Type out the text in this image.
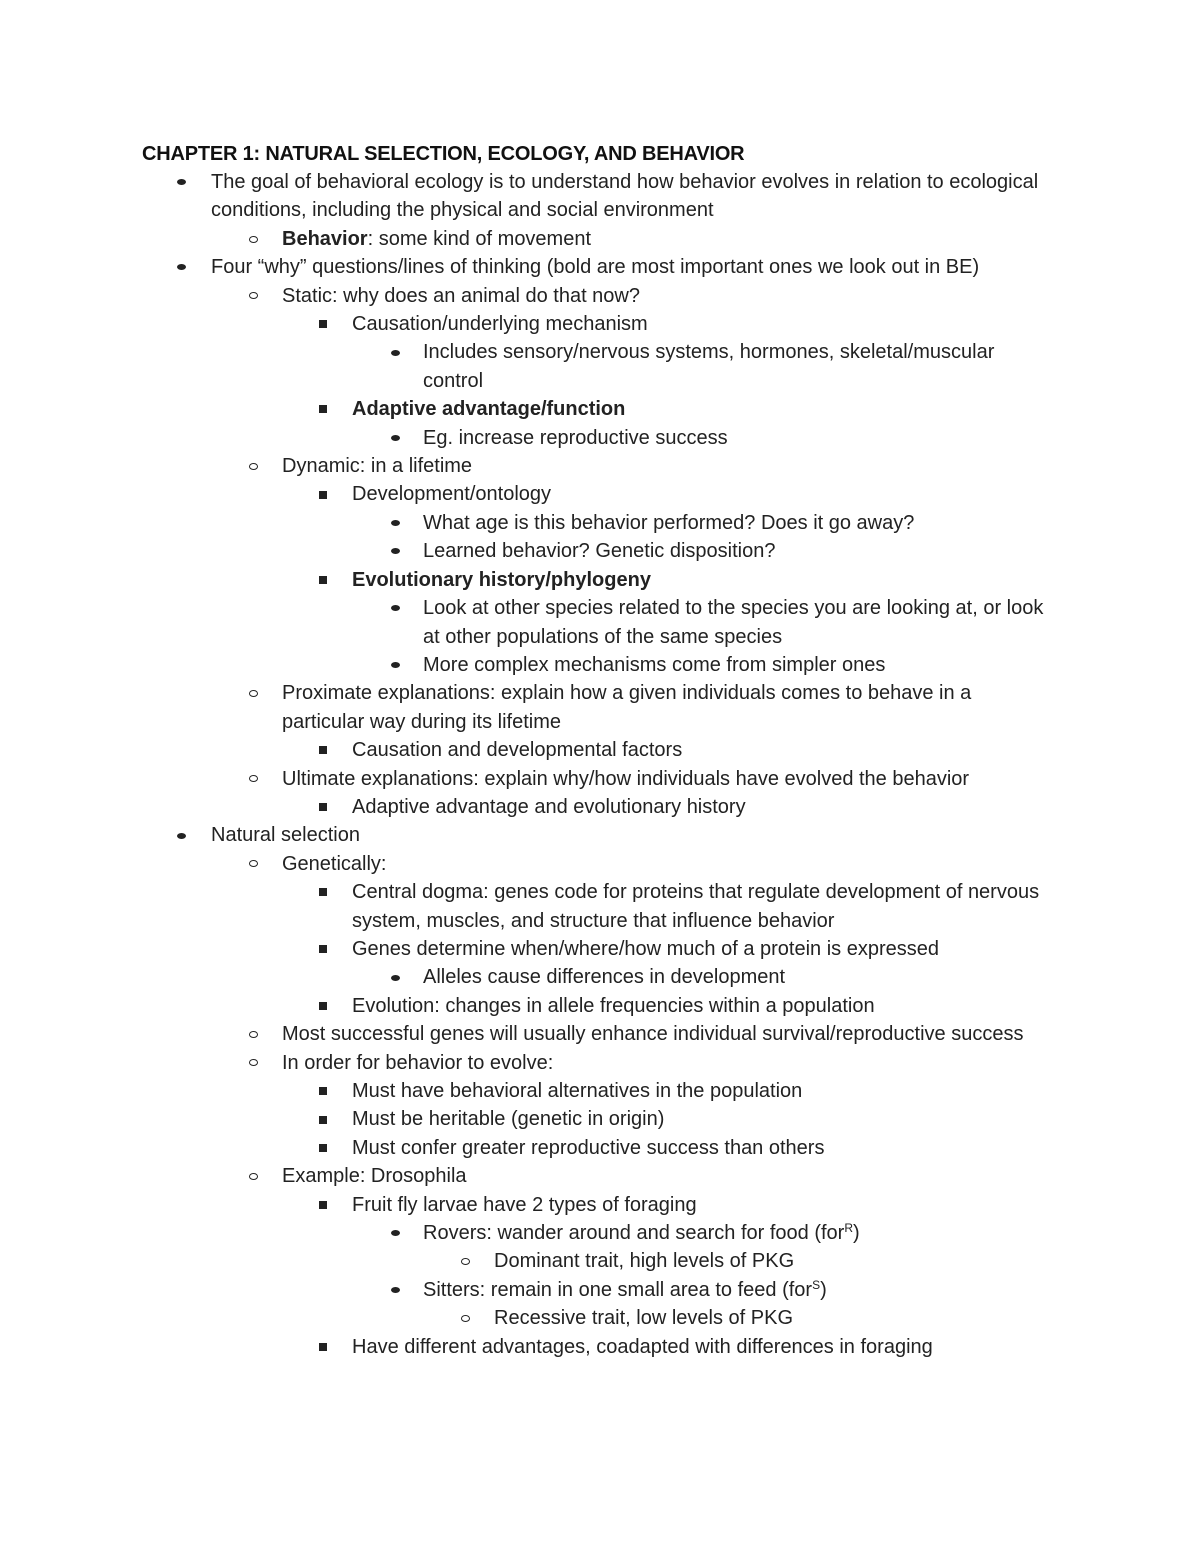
CHAPTER 1: NATURAL SELECTION, ECOLOGY, AND BEHAVIOR
The goal of behavioral ecology is to understand how behavior evolves in relation to ecological conditions, including the physical and social environment
Behavior: some kind of movement
Four “why” questions/lines of thinking (bold are most important ones we look out in BE)
Static: why does an animal do that now?
Causation/underlying mechanism
Includes sensory/nervous systems, hormones, skeletal/muscular control
Adaptive advantage/function
Eg. increase reproductive success
Dynamic: in a lifetime
Development/ontology
What age is this behavior performed? Does it go away?
Learned behavior? Genetic disposition?
Evolutionary history/phylogeny
Look at other species related to the species you are looking at, or look at other populations of the same species
More complex mechanisms come from simpler ones
Proximate explanations: explain how a given individuals comes to behave in a particular way during its lifetime
Causation and developmental factors
Ultimate explanations: explain why/how individuals have evolved the behavior
Adaptive advantage and evolutionary history
Natural selection
Genetically:
Central dogma: genes code for proteins that regulate development of nervous system, muscles, and structure that influence behavior
Genes determine when/where/how much of a protein is expressed
Alleles cause differences in development
Evolution: changes in allele frequencies within a population
Most successful genes will usually enhance individual survival/reproductive success
In order for behavior to evolve:
Must have behavioral alternatives in the population
Must be heritable (genetic in origin)
Must confer greater reproductive success than others
Example: Drosophila
Fruit fly larvae have 2 types of foraging
Rovers: wander around and search for food (for$^R$)
Dominant trait, high levels of PKG
Sitters: remain in one small area to feed (for$^S$)
Recessive trait, low levels of PKG
Have different advantages, coadapted with differences in foraging
